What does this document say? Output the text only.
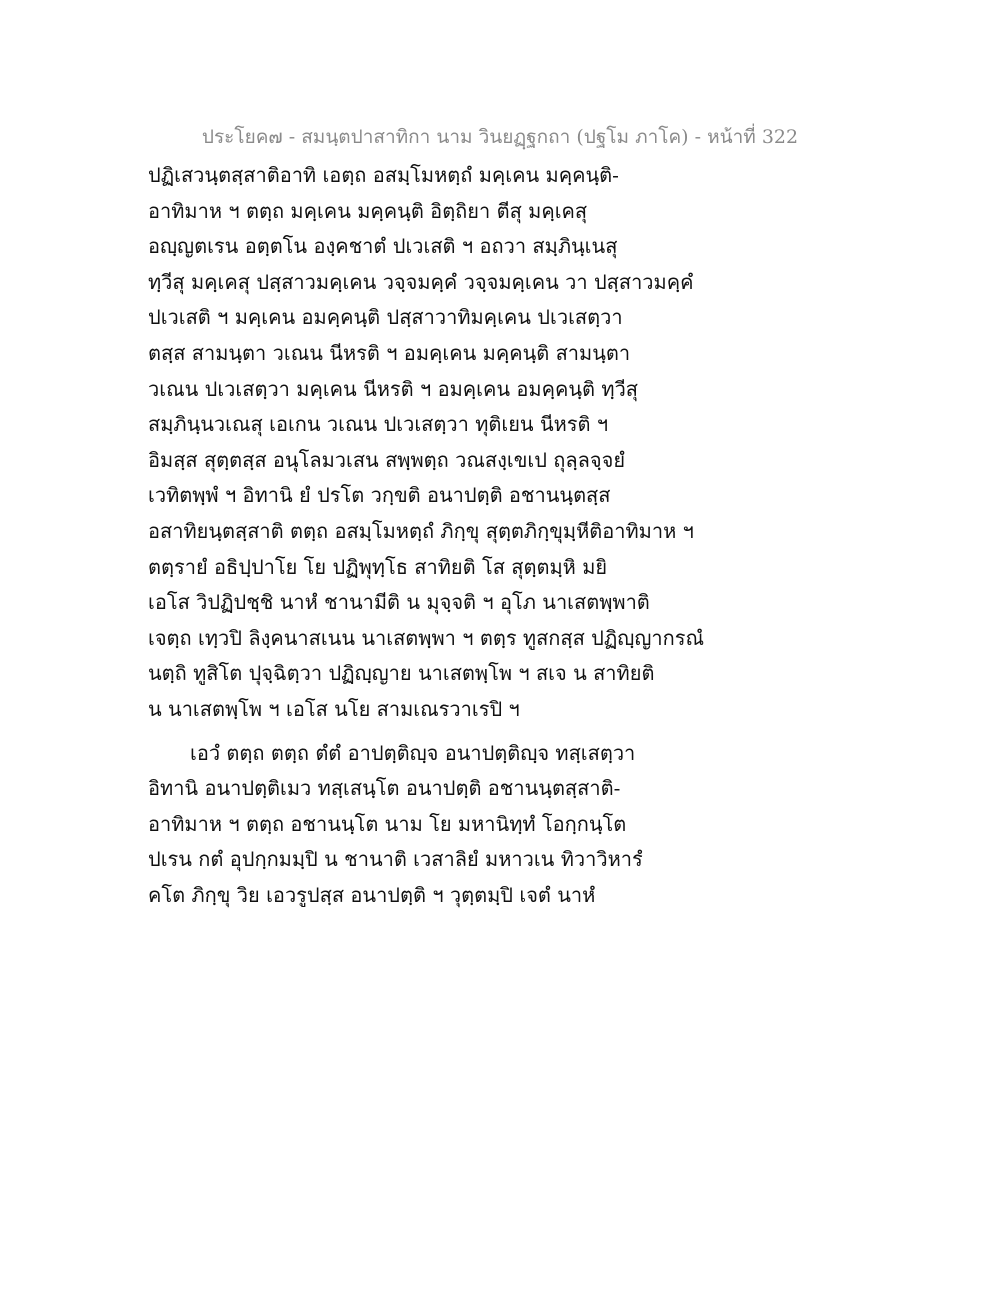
ประโยค๗ - สมนฺตปาสาทิกา นาม วินยฏฺฐกถา (ปฐโม ภาโค) - หน้าที่ 322
ปฏิเสวนฺตสฺสาติอาทิ เอตฺถ อสมฺโมหตฺถํ มคฺเคน มคฺคนฺติ-
อาทิมาห ฯ ตตฺถ มคฺเคน มคฺคนฺติ อิตฺถิยา ตีสุ มคฺเคสุ
อญฺญตเรน อตฺตโน องฺคชาตํ ปเวเสติ ฯ อถวา สมฺภินฺเนสุ
ทฺวีสุ มคฺเคสุ ปสฺสาวมคฺเคน วจฺจมคฺคํ วจฺจมคฺเคน วา ปสฺสาวมคฺคํ
ปเวเสติ ฯ มคฺเคน อมคฺคนฺติ ปสฺสาวาทิมคฺเคน ปเวเสตฺวา
ตสฺส สามนฺตา วเณน นีหรติ ฯ อมคฺเคน มคฺคนฺติ สามนฺตา
วเณน ปเวเสตฺวา มคฺเคน นีหรติ ฯ อมคฺเคน อมคฺคนฺติ ทฺวีสุ
สมฺภินฺนวเณสุ เอเกน วเณน ปเวเสตฺวา ทุติเยน นีหรติ ฯ
อิมสฺส สุตฺตสฺส อนุโลมวเสน สพฺพตฺถ วณสงฺเขเป ถุลฺลจฺจยํ
เวทิตพฺพํ ฯ อิทานิ ยํ ปรโต วกฺขติ อนาปตฺติ อชานนฺตสฺส
อสาทิยนฺตสฺสาติ ตตฺถ อสมฺโมหตฺถํ ภิกฺขุ สุตฺตภิกฺขุมฺหีติอาทิมาห ฯ
ตตฺรายํ อธิปฺปาโย โย ปฏิพุทฺโธ สาทิยติ โส สุตฺตมฺหิ มยิ
เอโส วิปฏิปชฺชิ นาหํ ชานามีติ น มุจฺจติ ฯ อุโภ นาเสตพฺพาติ
เจตฺถ เทฺวปิ ลิงฺคนาสเนน นาเสตพฺพา ฯ ตตฺร ทูสกสฺส ปฏิญฺญากรณํ
นตฺถิ ทูสิโต ปุจฺฉิตฺวา ปฏิญฺญาย นาเสตพฺโพ ฯ สเจ น สาทิยติ
น นาเสตพฺโพ ฯ เอโส นโย สามเณรวาเรปิ ฯ
เอวํ ตตฺถ ตตฺถ ตํตํ อาปตฺติญฺจ อนาปตฺติญฺจ ทสฺเสตฺวา
อิทานิ อนาปตฺติเมว ทสฺเสนฺโต อนาปตฺติ อชานนฺตสฺสาติ-
อาทิมาห ฯ ตตฺถ อชานนฺโต นาม โย มหานิทฺทํ โอกฺกนฺโต
ปเรน กตํ อุปกฺกมมฺปิ น ชานาติ เวสาลิยํ มหาวเน ทิวาวิหารํ
คโต ภิกฺขุ วิย เอวรูปสฺส อนาปตฺติ ฯ วุตฺตมฺปิ เจตํ นาหํ
